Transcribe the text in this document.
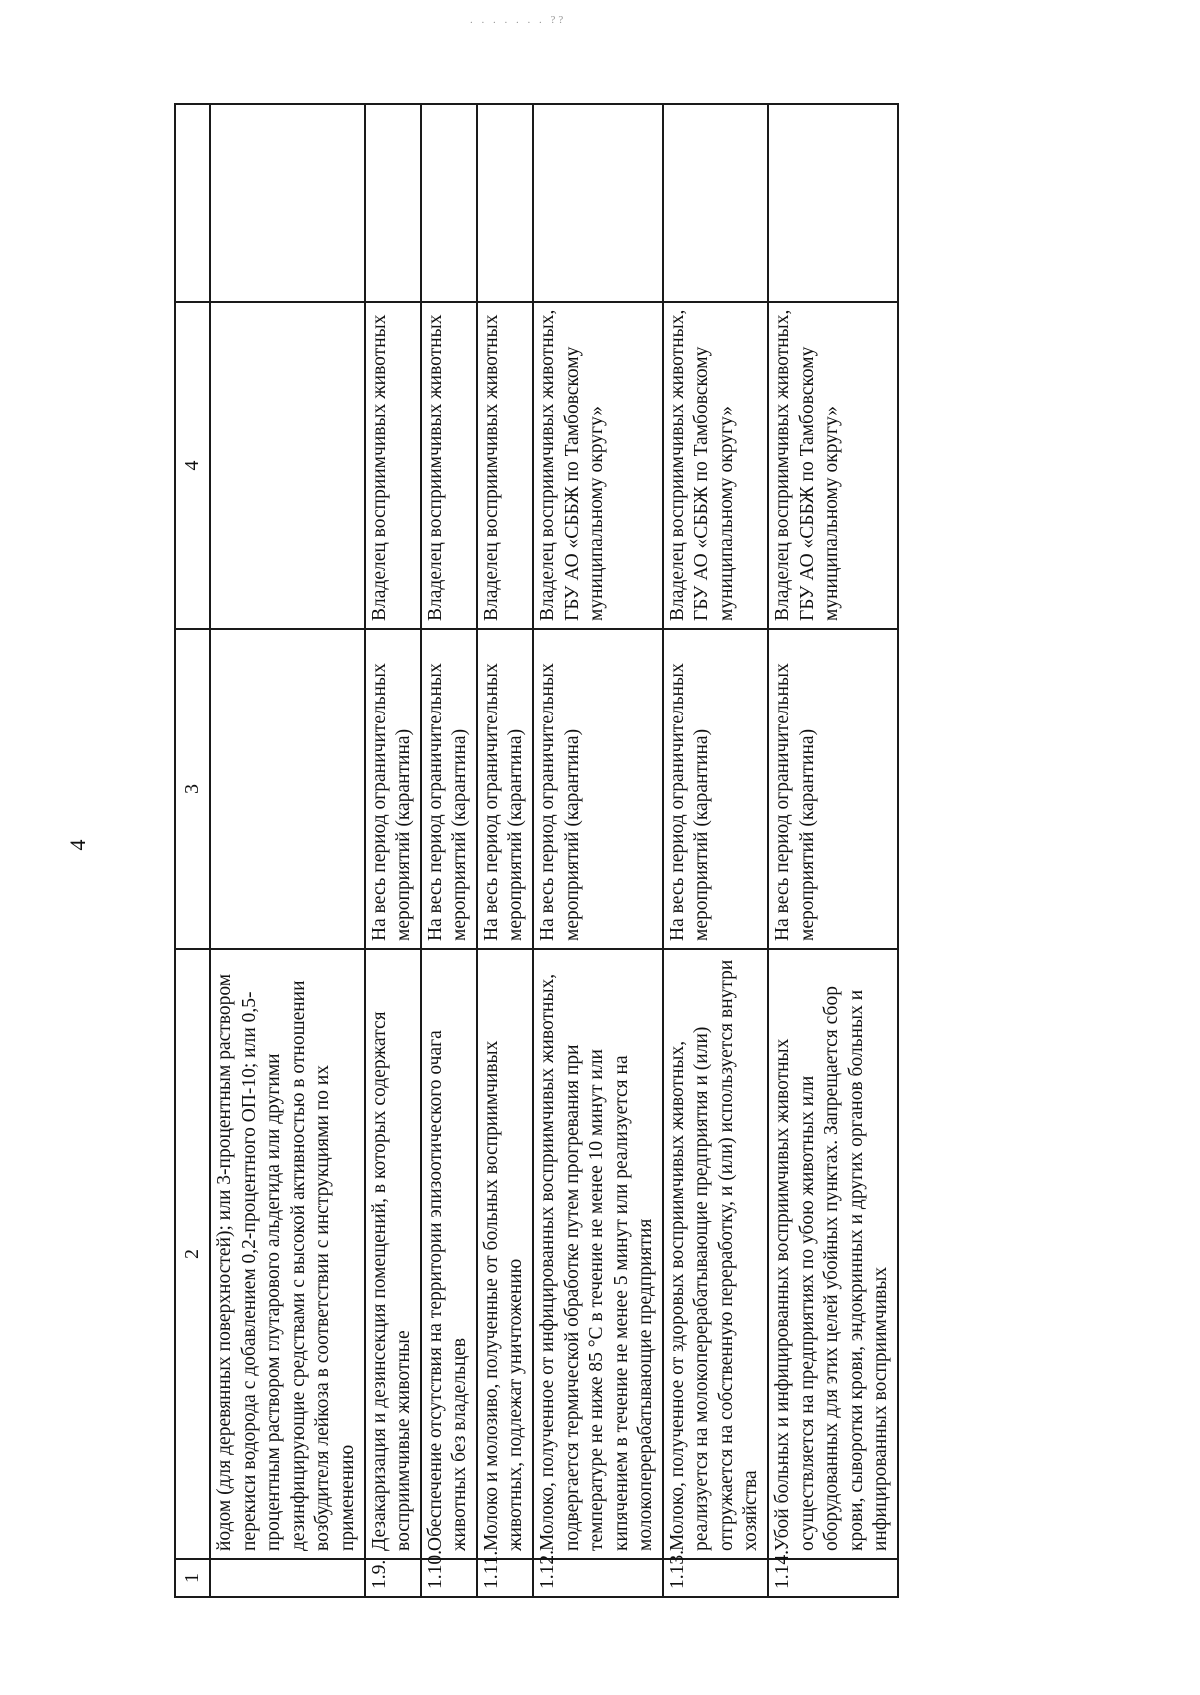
. . . . . . . ??
4
1	2	3	4	
	йодом (для деревянных поверхностей); или 3-процентным раствором перекиси водорода с добавлением 0,2-процентного ОП-10; или 0,5-процентным раствором глутарового альдегида или другими дезинфицирующие средствами с высокой активностью в отношении возбудителя лейкоза в соответствии с инструкциями по их применению			
1.9.	Дезакаризация и дезинсекция помещений, в которых содержатся восприимчивые животные	На весь период ограничительных мероприятий (карантина)	Владелец восприимчивых животных	
1.10.	Обеспечение отсутствия на территории эпизоотического очага животных без владельцев	На весь период ограничительных мероприятий (карантина)	Владелец восприимчивых животных	
1.11.	Молоко и молозиво, полученные от больных восприимчивых животных, подлежат уничтожению	На весь период ограничительных мероприятий (карантина)	Владелец восприимчивых животных	
1.12.	Молоко, полученное от инфицированных восприимчивых животных, подвергается термической обработке путем прогревания при температуре не ниже 85 °С в течение не менее 10 минут или кипячением в течение не менее 5 минут или реализуется на молокоперерабатывающие предприятия	На весь период ограничительных мероприятий (карантина)	Владелец восприимчивых животных, ГБУ АО «СББЖ по Тамбовскому муниципальному округу»	
1.13.	Молоко, полученное от здоровых восприимчивых животных, реализуется на молокоперерабатывающие предприятия и (или) отгружается на собственную переработку, и (или) используется внутри хозяйства	На весь период ограничительных мероприятий (карантина)	Владелец восприимчивых животных, ГБУ АО «СББЖ по Тамбовскому муниципальному округу»	
1.14.	Убой больных и инфицированных восприимчивых животных осуществляется на предприятиях по убою животных или оборудованных для этих целей убойных пунктах. Запрещается сбор крови, сыворотки крови, эндокринных и других органов больных и инфицированных восприимчивых	На весь период ограничительных мероприятий (карантина)	Владелец восприимчивых животных, ГБУ АО «СББЖ по Тамбовскому муниципальному округу»	
